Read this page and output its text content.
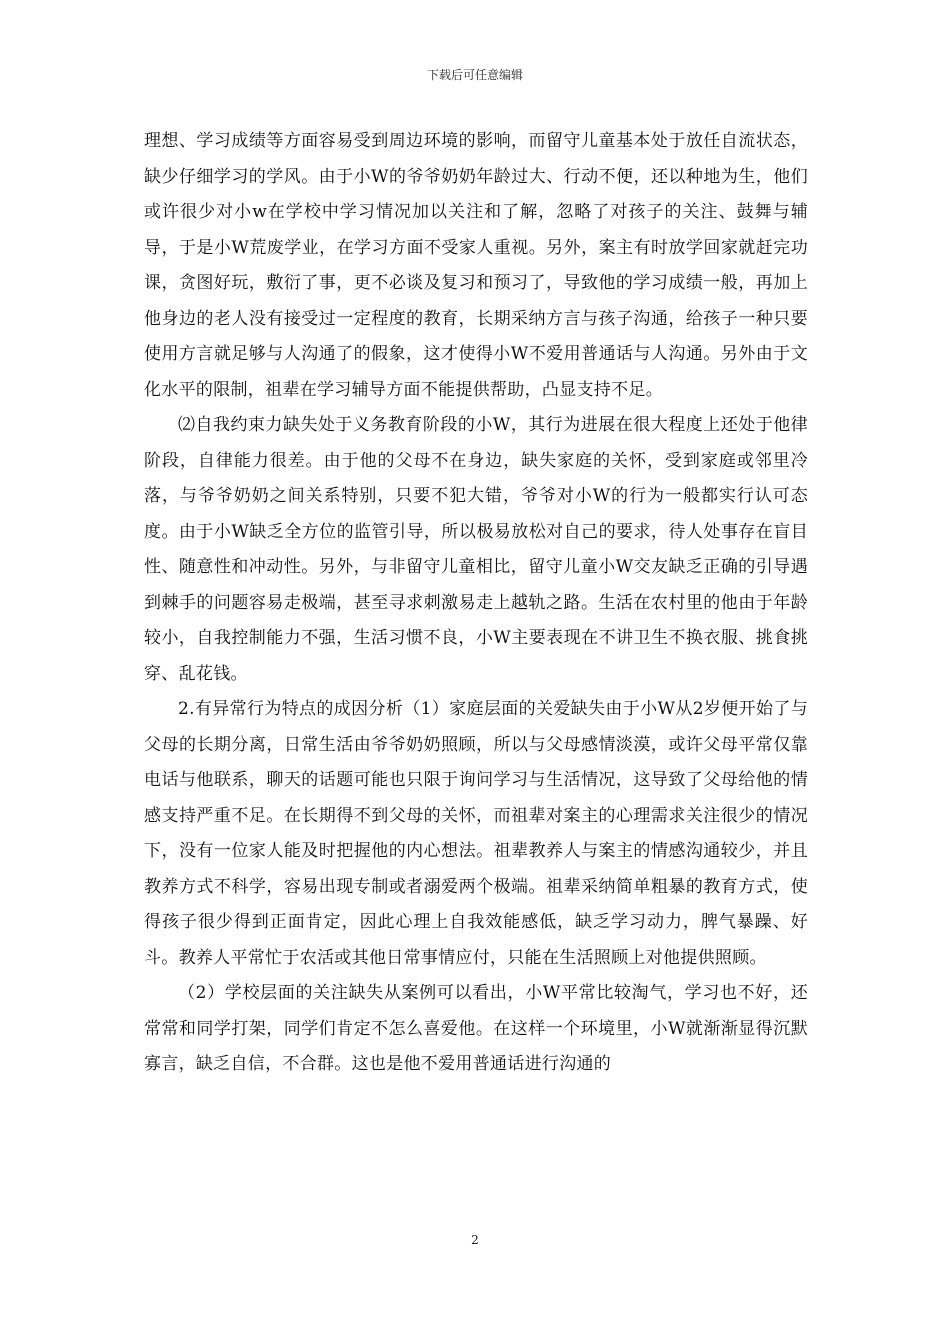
下载后可任意编辑

理想、学习成绩等方面容易受到周边环境的影响，而留守儿童基本处于放任自流状态，缺少仔细学习的学风。由于小W的爷爷奶奶年龄过大、行动不便，还以种地为生，他们或许很少对小w在学校中学习情况加以关注和了解，忽略了对孩子的关注、鼓舞与辅导，于是小W荒废学业，在学习方面不受家人重视。另外，案主有时放学回家就赶完功课，贪图好玩，敷衍了事，更不必谈及复习和预习了，导致他的学习成绩一般，再加上他身边的老人没有接受过一定程度的教育，长期采纳方言与孩子沟通，给孩子一种只要使用方言就足够与人沟通了的假象，这才使得小W不爱用普通话与人沟通。另外由于文化水平的限制，祖辈在学习辅导方面不能提供帮助，凸显支持不足。

⑵自我约束力缺失处于义务教育阶段的小W，其行为进展在很大程度上还处于他律阶段，自律能力很差。由于他的父母不在身边，缺失家庭的关怀，受到家庭或邻里冷落，与爷爷奶奶之间关系特别，只要不犯大错，爷爷对小W的行为一般都实行认可态度。由于小W缺乏全方位的监管引导，所以极易放松对自己的要求，待人处事存在盲目性、随意性和冲动性。另外，与非留守儿童相比，留守儿童小W交友缺乏正确的引导遇到棘手的问题容易走极端，甚至寻求刺激易走上越轨之路。生活在农村里的他由于年龄较小，自我控制能力不强，生活习惯不良，小W主要表现在不讲卫生不换衣服、挑食挑穿、乱花钱。

2.有异常行为特点的成因分析（1）家庭层面的关爱缺失由于小W从2岁便开始了与父母的长期分离，日常生活由爷爷奶奶照顾，所以与父母感情淡漠，或许父母平常仅靠电话与他联系，聊天的话题可能也只限于询问学习与生活情况，这导致了父母给他的情感支持严重不足。在长期得不到父母的关怀，而祖辈对案主的心理需求关注很少的情况下，没有一位家人能及时把握他的内心想法。祖辈教养人与案主的情感沟通较少，并且教养方式不科学，容易出现专制或者溺爱两个极端。祖辈采纳简单粗暴的教育方式，使得孩子很少得到正面肯定，因此心理上自我效能感低，缺乏学习动力，脾气暴躁、好斗。教养人平常忙于农活或其他日常事情应付，只能在生活照顾上对他提供照顾。

（2）学校层面的关注缺失从案例可以看出，小W平常比较淘气，学习也不好，还常常和同学打架，同学们肯定不怎么喜爱他。在这样一个环境里，小W就渐渐显得沉默寡言，缺乏自信，不合群。这也是他不爱用普通话进行沟通的

2
